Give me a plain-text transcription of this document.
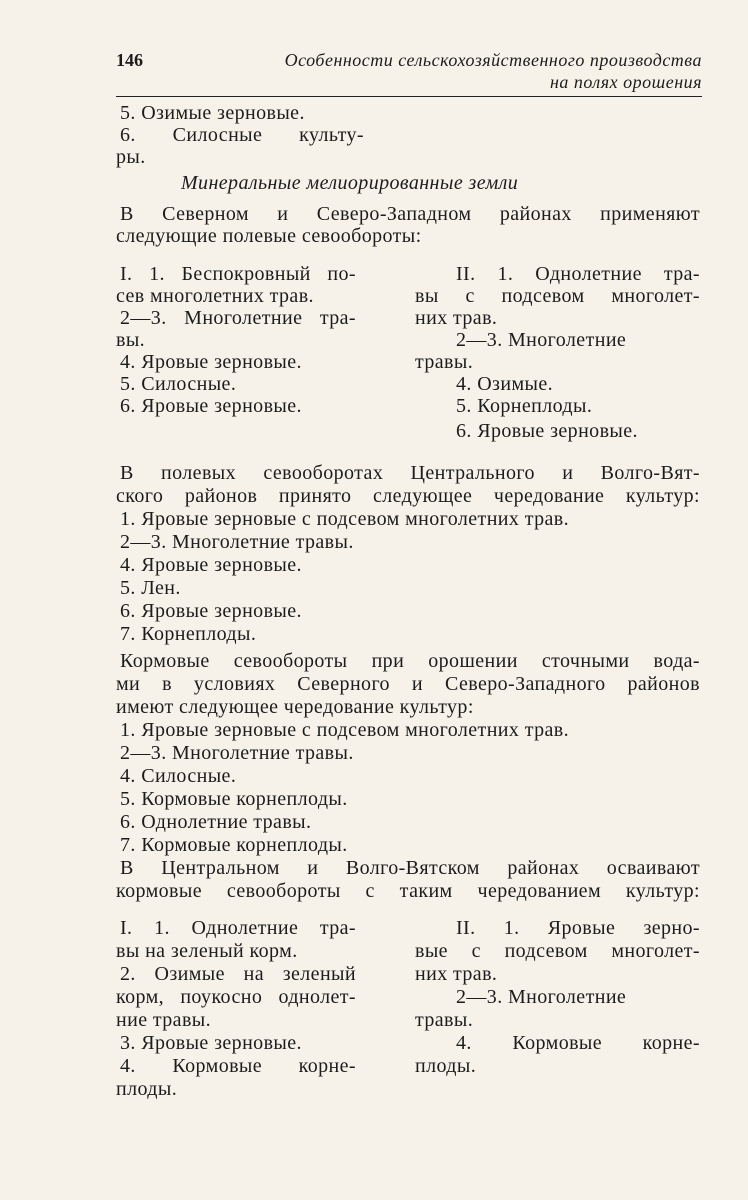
146	Особенности сельскохозяйственного производства
на полях орошения
5. Озимые зерновые.
6. Силосные культу-
ры.
Минеральные мелиорированные земли
В Северном и Северо-Западном районах применяют
следующие полевые севообороты:
I. 1. Беспокровный по-
сев многолетних трав.
2—3. Многолетние тра-
вы.
4. Яровые зерновые.
5. Силосные.
6. Яровые зерновые.
II. 1. Однолетние тра-
вы с подсевом многолет-
них трав.
2—3. Многолетние
травы.
4. Озимые.
5. Корнеплоды.
6. Яровые зерновые.
В полевых севооборотах Центрального и Волго-Вят-
ского районов принято следующее чередование культур:
1. Яровые зерновые с подсевом многолетних трав.
2—3. Многолетние травы.
4. Яровые зерновые.
5. Лен.
6. Яровые зерновые.
7. Корнеплоды.
Кормовые севообороты при орошении сточными вода-
ми в условиях Северного и Северо-Западного районов
имеют следующее чередование культур:
1. Яровые зерновые с подсевом многолетних трав.
2—3. Многолетние травы.
4. Силосные.
5. Кормовые корнеплоды.
6. Однолетние травы.
7. Кормовые корнеплоды.
В Центральном и Волго-Вятском районах осваивают
кормовые севообороты с таким чередованием культур:
I. 1. Однолетние тра-
вы на зеленый корм.
2. Озимые на зеленый
корм, поукосно однолет-
ние травы.
3. Яровые зерновые.
4. Кормовые корне-
плоды.
II. 1. Яровые зерно-
вые с подсевом многолет-
них трав.
2—3. Многолетние
травы.
4. Кормовые корне-
плоды.
